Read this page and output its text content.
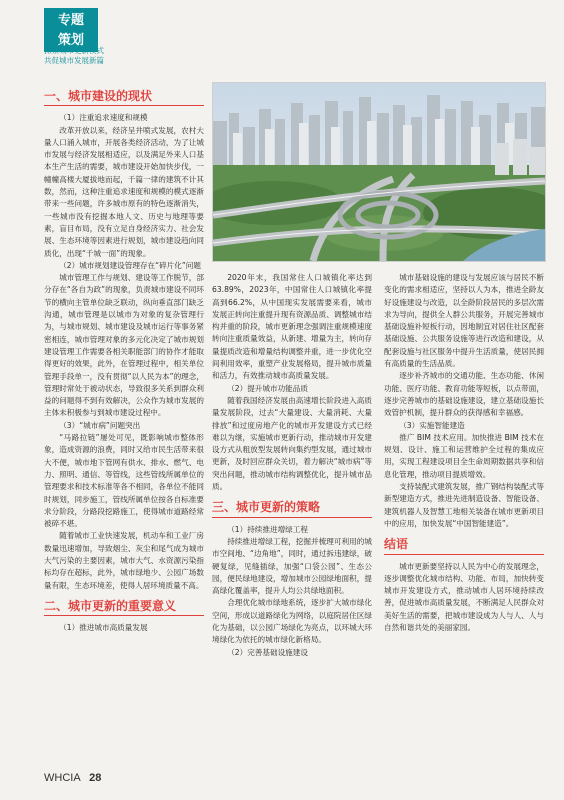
专题
策划
探索城市更新模式
共促城市发展新篇
一、城市建设的现状

（1）注重追求速度和规模

改革开放以来，经济呈井喷式发展，农村大量人口涌入城市，开展各类经济活动，为了让城市发展与经济发展相适应，以及满足外来人口基本生产生活的需要，城市建设开始加快步伐，一幢幢高楼大厦拔地而起，千篇一律的建筑不计其数，然而，这种注重追求速度和规模的模式逐渐带来一些问题，许多城市原有的特色逐渐消失，一些城市没有挖掘本地人文、历史与地理等要素，盲目布局，没有立足自身经济实力、社会发展、生态环境等因素进行规划，城市建设趋向同质化，出现“千城一面”的现象。

（2）城市规划建设管理存在“碎片化”问题

城市管理工作与规划、建设等工作脱节，部分存在“各自为政”的现象，负责城市建设不同环节的横向主管单位缺乏联动，纵向垂直部门缺乏沟通，城市管理是以城市为对象的复杂管理行为，与城市规划、城市建设及城市运行等事务紧密相连，城市管理对象的多元化决定了城市规划建设管理工作需要各相关职能部门的协作才能取得更好的效果，此外，在管理过程中，相关单位管理手段单一，没有贯彻“以人民为本”的理念，管理时常处于被动状态，导致很多关系到群众利益的问题得不到有效解决，公众作为城市发展的主体未积极参与到城市建设过程中。

（3）“城市病”问题突出

“马路拉链”屡处可见，既影响城市整体形象，造成资源的浪费，同时又给市民生活带来很大不便，城市地下管网有供水、排水、燃气、电力、照明、通信、等管线，这些管线所属单位的管理要求和技术标准等各不相同，各单位不能同时规划，同步施工，管线所属单位按各自标准要求分阶段，分路段挖路施工，使得城市道路经常被碎不堪。

随着城市工业快速发展，机动车和工业厂房数量迅速增加，导致烟尘、灰尘和尾气成为城市大气污染的主要因素，城市大气、水资源污染指标均存在超标，此外，城市绿地少、公园广场数量有限，生态环境差，使得人居环境质量不高。

二、城市更新的重要意义

（1）推进城市高质量发展

2020年末，我国常住人口城镇化率达到 63.89%，2023年，中国常住人口城镇化率提高到66.2%，从中国现实发展需要来看，城市发展正转向注重提升现有资源品质、调整城市结构并重的阶段，城市更新理念强调注重规模速度转向注重质量效益，从新建、增量为主，转向存量提质改造和增量结构调整并重，进一步优化空间利用效率，重塑产业发展格局，提升城市质量和活力，有效推动城市高质量发展。

（2）提升城市功能品质

随着我国经济发展由高速增长阶段进入高质量发展阶段，过去“大量建设、大量消耗、大量排放”和过度房地产化的城市开发建设方式已经难以为继，实施城市更新行动，推动城市开发建设方式从粗放型发展转向集约型发展，通过城市更新，及时回应群众关切，着力解决“城市病”等突出问题，推动城市结构调整优化，提升城市品质。

三、城市更新的策略

（1）持续推进增绿工程

持续推进增绿工程，挖掘并梳理可利用的城市空间地、“边角地”，同时，通过拆违建绿，破硬复绿，见缝插绿，加强“口袋公园”、生态公园，便民绿地建设，增加城市公园绿地面积，提高绿化覆盖率，提升人均公共绿地面积。

合理优化城市绿地系统，逐步扩大城市绿化空间，形成以道路绿化为网络，以庭院居住区绿化为基础，以公园广场绿化为亮点，以环城大环境绿化为依托的城市绿化新格局。

（2）完善基础设施建设

城市基础设施的建设与发展应该与居民不断变化的需求相适应，坚持以人为本，推进全龄友好设施建设与改造，以全龄阶段居民的多层次需求为导向，提供全人群公共服务，开展完善城市基础设施补短板行动，因地制宜对居住社区配套基础设施、公共服务设施等进行改造和建设，从配套设施与社区服务中提升生活质量，使居民拥有高质量的生活品质。

逐步补齐城市的交通功能、生态功能、休闲功能、医疗功能、教育功能等短板，以点带面，逐步完善城市的基础设施建设，建立基础设施长效管护机制，提升群众的获得感和幸福感。

（3）实施智能建造

推广 BIM 技术应用。加快推进 BIM 技术在规划、设计、施工和运营维护全过程的集成应用，实现工程建设项目全生命周期数据共享和信息化管理，推动项目提质增效。

支持装配式建筑发展，推广钢结构装配式等新型建造方式，推进先进制造设备、智能设备、建筑机器人及智慧工地相关装备在城市更新项目中的应用，加快发展“中国智能建造”。

结语

城市更新要坚持以人民为中心的发展理念，逐步调整优化城市结构、功能、布局，加快转变城市开发建设方式，推动城市人居环境持续改善，促进城市高质量发展，不断满足人民群众对美好生活的需要，把城市建设成为人与人、人与自然和谐共处的美丽家园。

WHCIA 28
